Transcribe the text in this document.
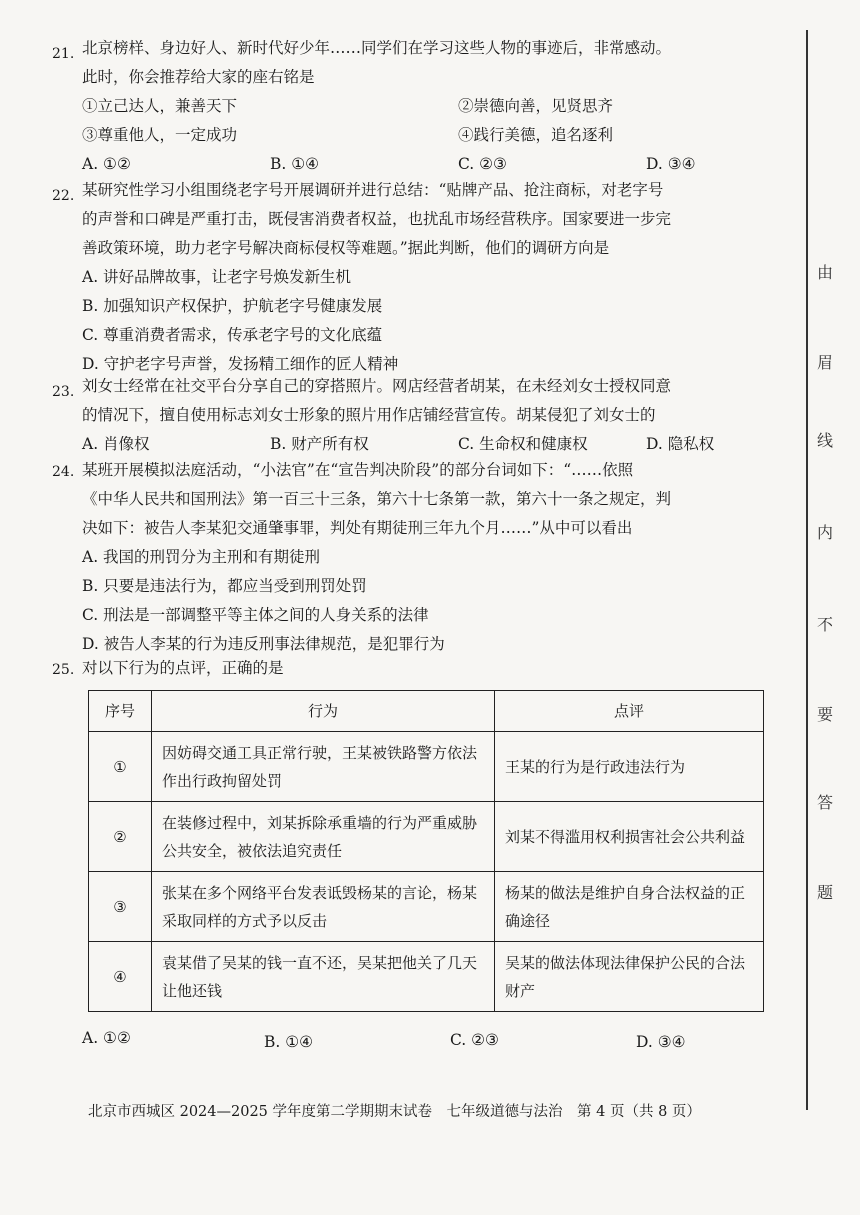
21. 北京榜样、身边好人、新时代好少年……同学们在学习这些人物的事迹后，非常感动。
此时，你会推荐给大家的座右铭是
①立己达人，兼善天下	②崇德向善，见贤思齐
③尊重他人，一定成功	④践行美德，追名逐利
A. ①②	B. ①④	C. ②③	D. ③④
22. 某研究性学习小组围绕老字号开展调研并进行总结：“贴牌产品、抢注商标，对老字号
的声誉和口碑是严重打击，既侵害消费者权益，也扰乱市场经营秩序。国家要进一步完
善政策环境，助力老字号解决商标侵权等难题。”据此判断，他们的调研方向是
A. 讲好品牌故事，让老字号焕发新生机
B. 加强知识产权保护，护航老字号健康发展
C. 尊重消费者需求，传承老字号的文化底蕴
D. 守护老字号声誉，发扬精工细作的匠人精神
23. 刘女士经常在社交平台分享自己的穿搭照片。网店经营者胡某，在未经刘女士授权同意
的情况下，擅自使用标志刘女士形象的照片用作店铺经营宣传。胡某侵犯了刘女士的
A. 肖像权	B. 财产所有权	C. 生命权和健康权	D. 隐私权
24. 某班开展模拟法庭活动，“小法官”在“宣告判决阶段”的部分台词如下：“……依照
《中华人民共和国刑法》第一百三十三条，第六十七条第一款，第六十一条之规定，判
决如下：被告人李某犯交通肇事罪，判处有期徒刑三年九个月……”从中可以看出
A. 我国的刑罚分为主刑和有期徒刑
B. 只要是违法行为，都应当受到刑罚处罚
C. 刑法是一部调整平等主体之间的人身关系的法律
D. 被告人李某的行为违反刑事法律规范，是犯罪行为
25. 对以下行为的点评，正确的是
序号	行为	点评
①	因妨碍交通工具正常行驶，王某被铁路警方依法作出行政拘留处罚	王某的行为是行政违法行为
②	在装修过程中，刘某拆除承重墙的行为严重威胁公共安全，被依法追究责任	刘某不得滥用权利损害社会公共利益
③	张某在多个网络平台发表诋毁杨某的言论，杨某采取同样的方式予以反击	杨某的做法是维护自身合法权益的正确途径
④	袁某借了吴某的钱一直不还，吴某把他关了几天让他还钱	吴某的做法体现法律保护公民的合法财产
A. ①②	B. ①④	C. ②③	D. ③④
由
眉
线
内
不
要
答
题
北京市西城区 2024—2025 学年度第二学期期末试卷　七年级道德与法治　第 4 页（共 8 页）
